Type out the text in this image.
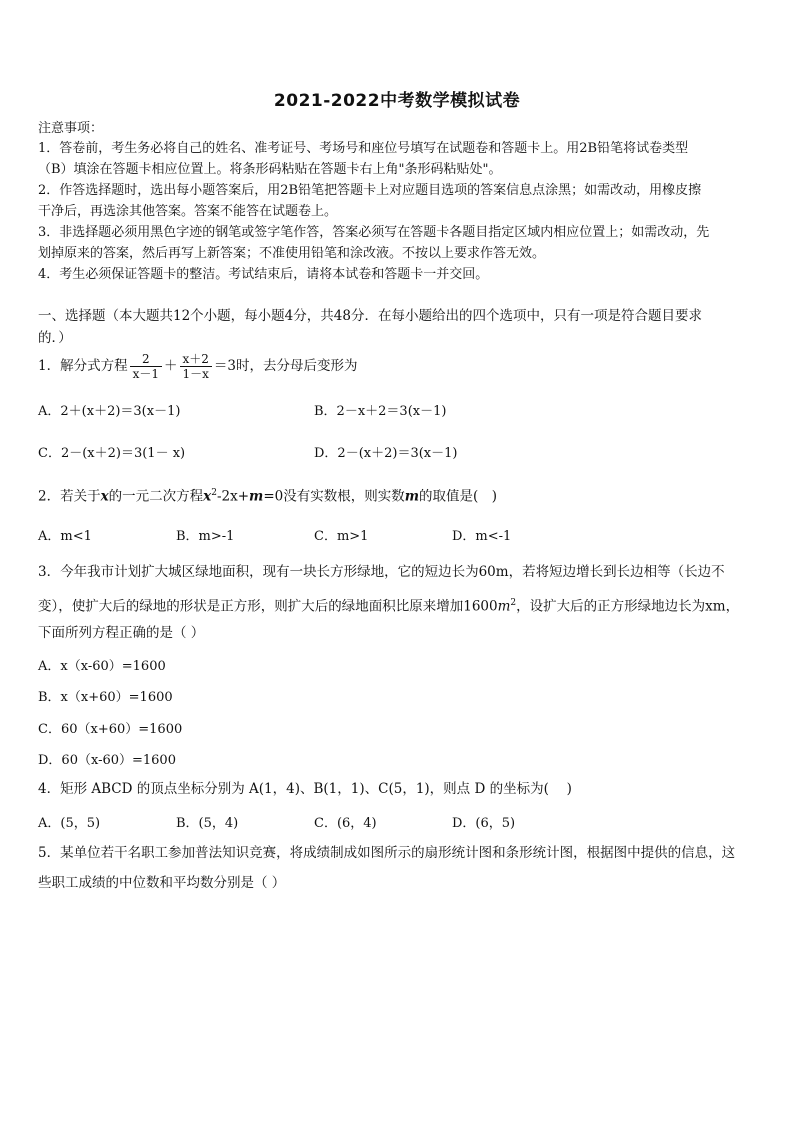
2021-2022中考数学模拟试卷
注意事项：
1．答卷前，考生务必将自己的姓名、准考证号、考场号和座位号填写在试题卷和答题卡上。用2B铅笔将试卷类型
（B）填涂在答题卡相应位置上。将条形码粘贴在答题卡右上角"条形码粘贴处"。
2．作答选择题时，选出每小题答案后，用2B铅笔把答题卡上对应题目选项的答案信息点涂黑；如需改动，用橡皮擦
干净后，再选涂其他答案。答案不能答在试题卷上。
3．非选择题必须用黑色字迹的钢笔或签字笔作答，答案必须写在答题卡各题目指定区域内相应位置上；如需改动，先
划掉原来的答案，然后再写上新答案；不准使用铅笔和涂改液。不按以上要求作答无效。
4．考生必须保证答题卡的整洁。考试结束后，请将本试卷和答题卡一并交回。
一、选择题（本大题共12个小题，每小题4分，共48分．在每小题给出的四个选项中，只有一项是符合题目要求
的．）
1．解分式方程 $\frac{2}{x-1} + \frac{x+2}{1-x} =3$时，去分母后变形为
A．2＋(x＋2)＝3(x－1)	B．2－x＋2＝3(x－1)
C．2－(x＋2)＝3(1－ x)	D．2－(x＋2)＝3(x－1)
2．若关于x的一元二次方程$x^2-2x+m=0$没有实数根，则实数m的取值是(　)
A．m<1	B．m>-1	C．m>1	D．m<-1
3．今年我市计划扩大城区绿地面积，现有一块长方形绿地，它的短边长为60m，若将短边增长到长边相等（长边不
变），使扩大后的绿地的形状是正方形，则扩大后的绿地面积比原来增加$1600m^2$，设扩大后的正方形绿地边长为xm，
下面所列方程正确的是（ ）
A．x（x-60）=1600
B．x（x+60）=1600
C．60（x+60）=1600
D．60（x-60）=1600
4．矩形 ABCD 的顶点坐标分别为 A(1，4)、B(1，1)、C(5，1)，则点 D 的坐标为(　 )
A．(5，5)	B．(5，4)	C．(6，4)	D．(6，5)
5．某单位若干名职工参加普法知识竞赛，将成绩制成如图所示的扇形统计图和条形统计图，根据图中提供的信息，这
些职工成绩的中位数和平均数分别是（ ）
